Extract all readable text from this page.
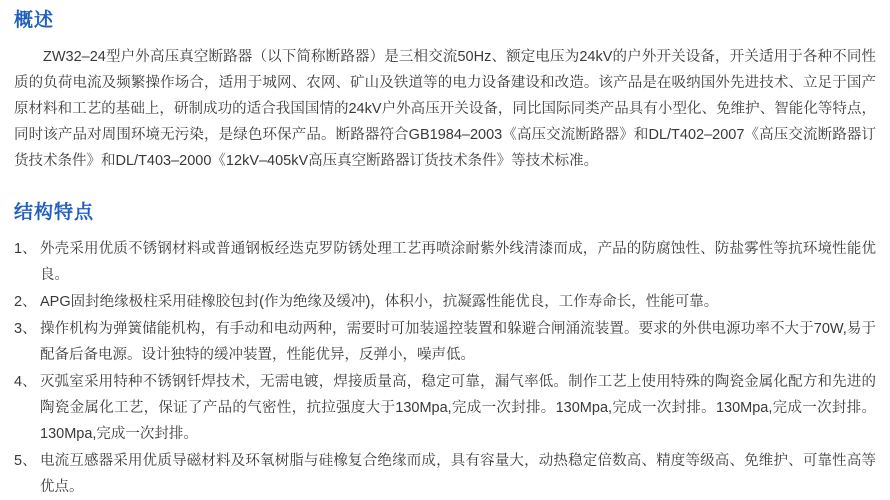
概述

ZW32–24型户外高压真空断路器（以下简称断路器）是三相交流50Hz、额定电压为24kV的户外开关设备，开关适用于各种不同性质的负荷电流及频繁操作场合，适用于城网、农网、矿山及铁道等的电力设备建设和改造。该产品是在吸纳国外先进技术、立足于国产原材料和工艺的基础上，研制成功的适合我国国情的24kV户外高压开关设备，同比国际同类产品具有小型化、免维护、智能化等特点，同时该产品对周围环境无污染，是绿色环保产品。断路器符合GB1984–2003《高压交流断路器》和DL/T402–2007《高压交流断路器订货技术条件》和DL/T403–2000《12kV–405kV高压真空断路器订货技术条件》等技术标准。

结构特点
1、 外壳采用优质不锈钢材料或普通钢板经迭克罗防锈处理工艺再喷涂耐紫外线清漆而成，产品的防腐蚀性、防盐雾性等抗环境性能优良。
2、 APG固封绝缘极柱采用硅橡胶包封(作为绝缘及缓冲)，体积小，抗凝露性能优良，工作寿命长，性能可靠。
3、 操作机构为弹簧储能机构，有手动和电动两种，需要时可加装遥控装置和躲避合闸涌流装置。要求的外供电源功率不大于70W,易于配备后备电源。设计独特的缓冲装置，性能优异，反弹小，噪声低。
4、 灭弧室采用特种不锈钢钎焊技术，无需电镀，焊接质量高，稳定可靠，漏气率低。制作工艺上使用特殊的陶瓷金属化配方和先进的陶瓷金属化工艺，保证了产品的气密性，抗拉强度大于130Mpa,完成一次封排。130Mpa,完成一次封排。130Mpa,完成一次封排。130Mpa,完成一次封排。
5、 电流互感器采用优质导磁材料及环氧树脂与硅橡复合绝缘而成，具有容量大，动热稳定倍数高、精度等级高、免维护、可靠性高等优点。
